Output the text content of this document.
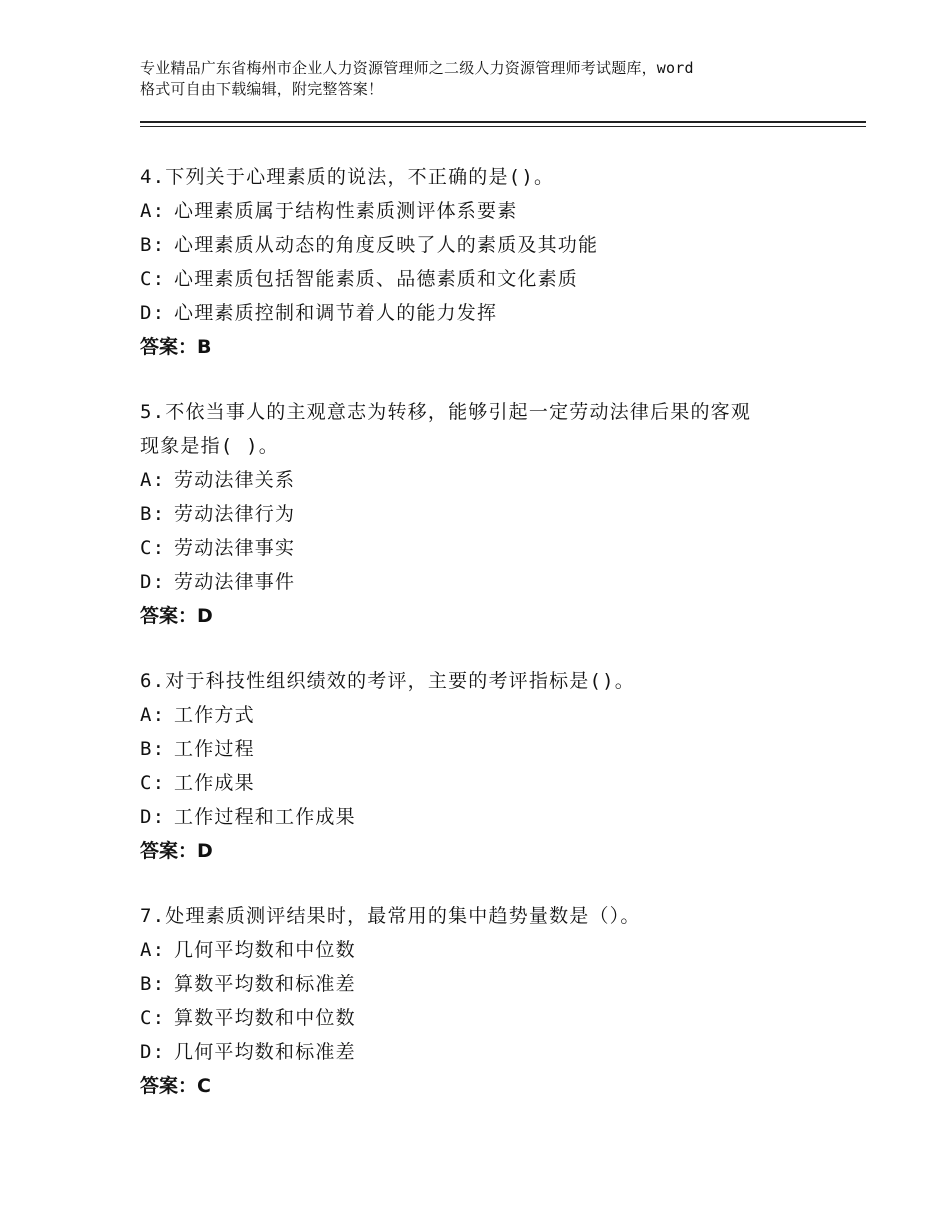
专业精品广东省梅州市企业人力资源管理师之二级人力资源管理师考试题库，word
格式可自由下载编辑，附完整答案！
4.下列关于心理素质的说法，不正确的是()。
A: 心理素质属于结构性素质测评体系要素
B: 心理素质从动态的角度反映了人的素质及其功能
C: 心理素质包括智能素质、品德素质和文化素质
D: 心理素质控制和调节着人的能力发挥
答案：B
5.不依当事人的主观意志为转移，能够引起一定劳动法律后果的客观
现象是指( )。
A: 劳动法律关系
B: 劳动法律行为
C: 劳动法律事实
D: 劳动法律事件
答案：D
6.对于科技性组织绩效的考评，主要的考评指标是()。
A: 工作方式
B: 工作过程
C: 工作成果
D: 工作过程和工作成果
答案：D
7.处理素质测评结果时，最常用的集中趋势量数是（）。
A: 几何平均数和中位数
B: 算数平均数和标准差
C: 算数平均数和中位数
D: 几何平均数和标准差
答案：C
